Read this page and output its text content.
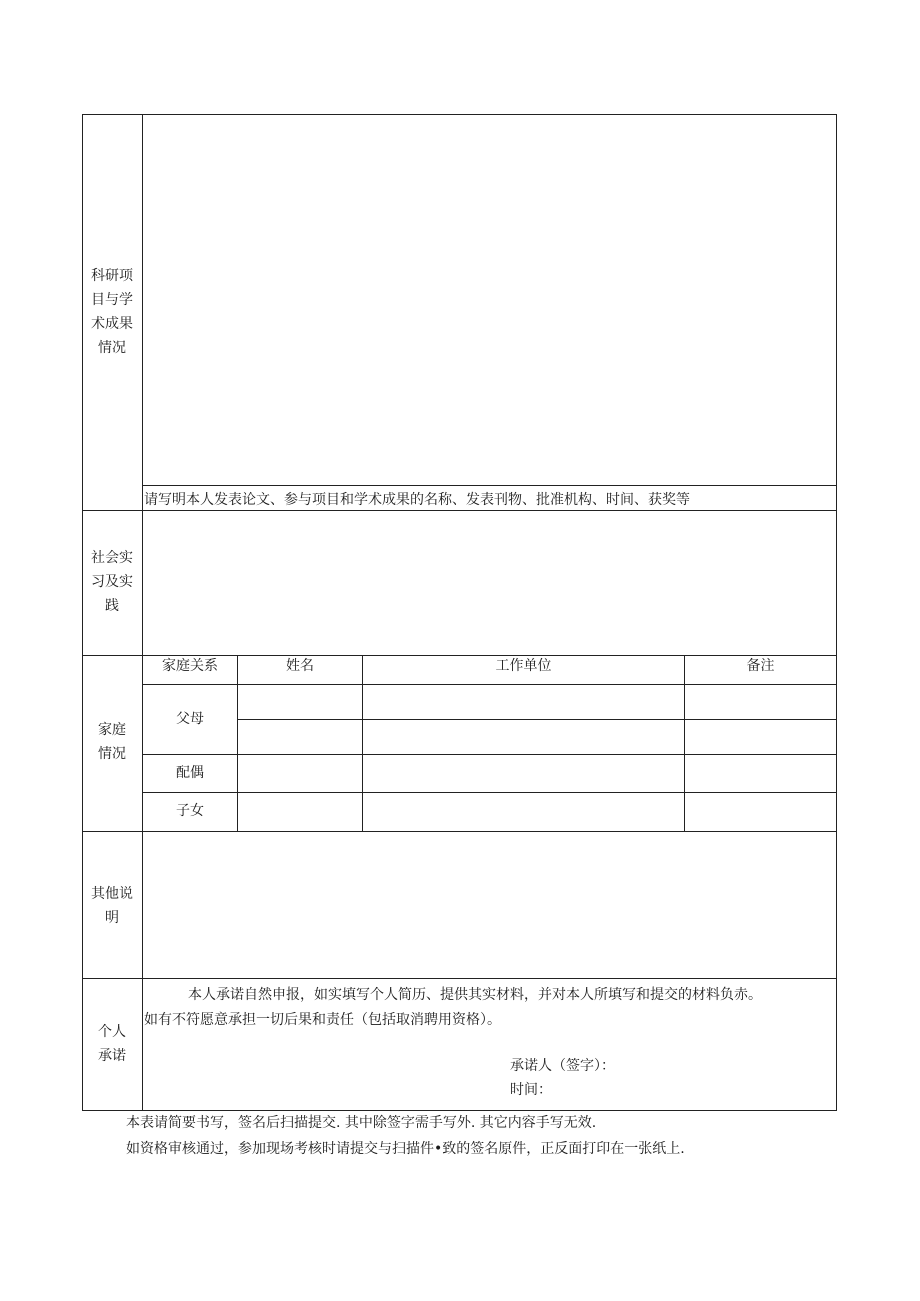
科研项
目与学
术成果
情况
请写明本人发表论文、参与项目和学术成果的名称、发表刊物、批准机构、时间、获奖等
社会实
习及实
践
家庭
情况
家庭关系	姓名	工作单位	备注
父母
配偶
子女
其他说
明
个人
承诺
本人承诺自然申报，如实填写个人简历、提供其实材料，并对本人所填写和提交的材料负赤。
如有不符愿意承担一切后果和责任（包括取消聘用资格）。
承诺人（签字）：
时间：
本表请简要书写，签名后扫描提交. 其中除签字需手写外. 其它内容手写无效.
如资格审核通过，参加现场考核时请提交与扫描件•致的签名原件，正反面打印在一张纸上.
